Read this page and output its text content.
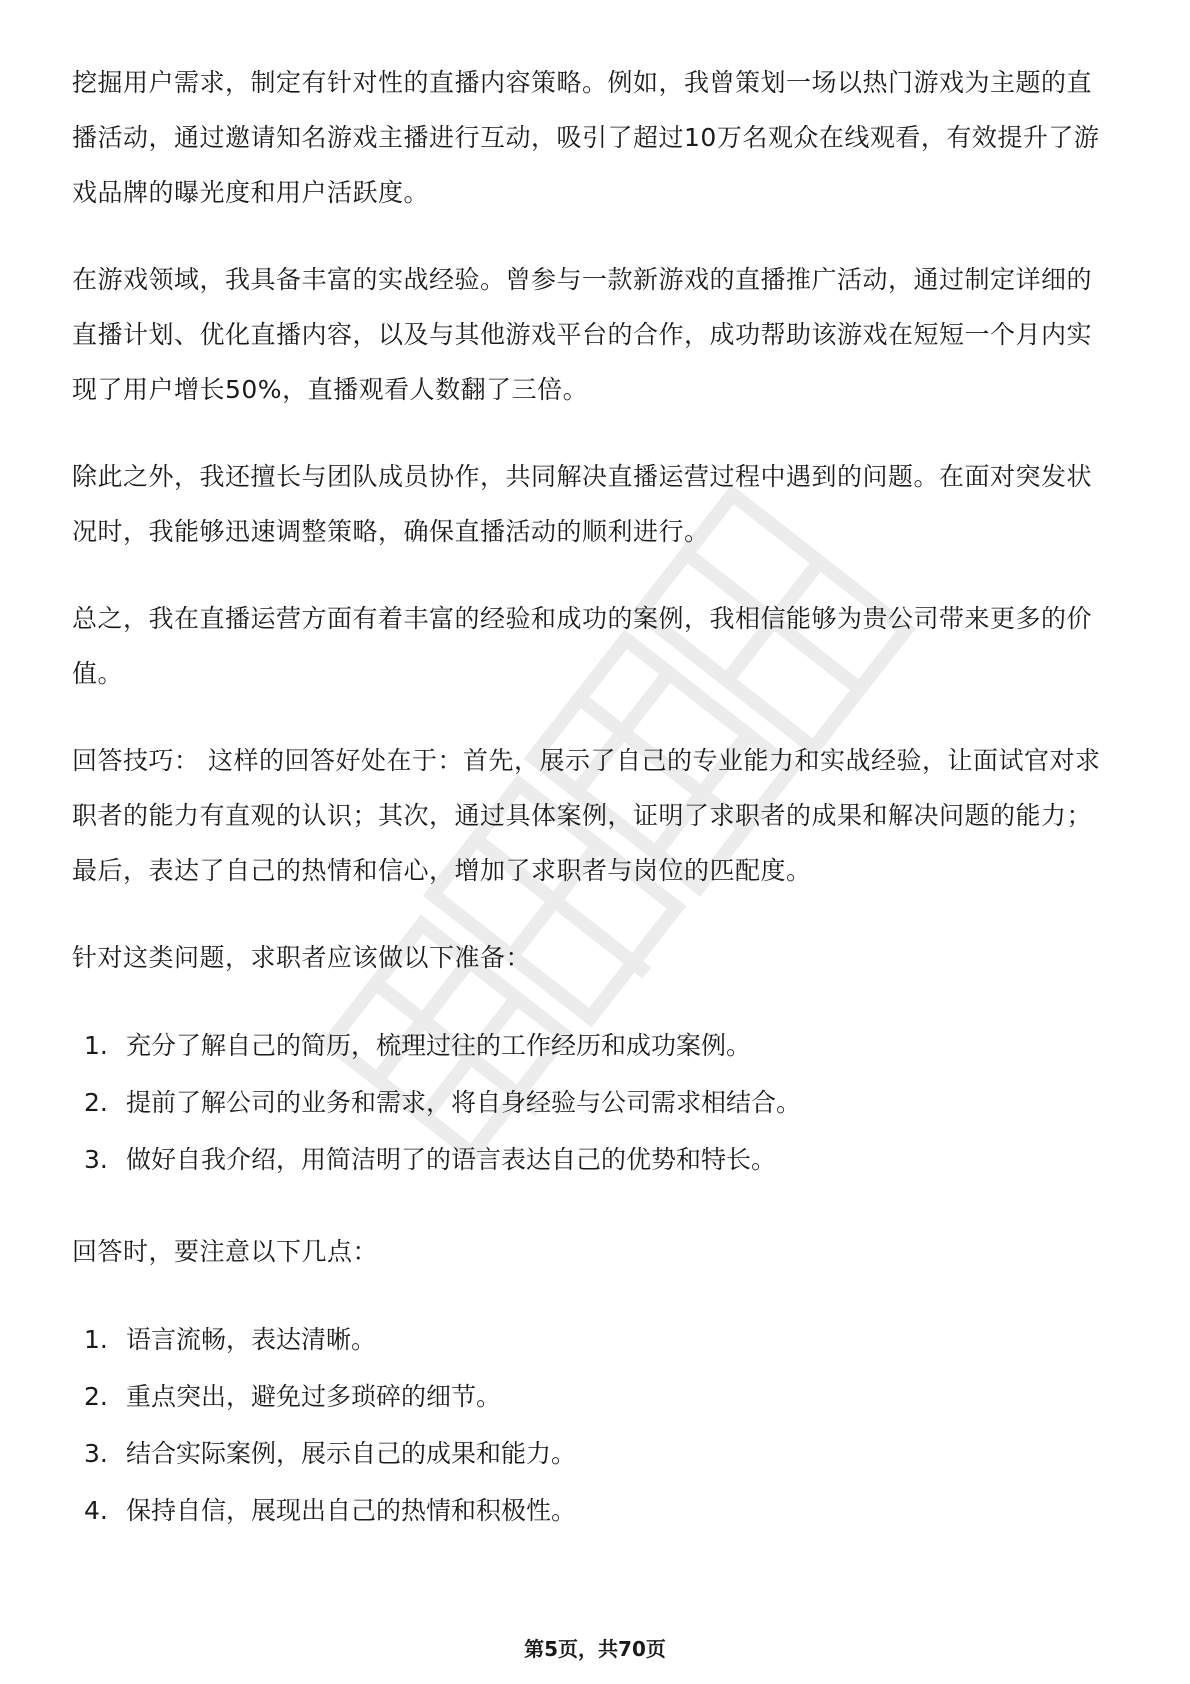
挖掘用户需求，制定有针对性的直播内容策略。例如，我曾策划一场以热门游戏为主题的直播活动，通过邀请知名游戏主播进行互动，吸引了超过10万名观众在线观看，有效提升了游戏品牌的曝光度和用户活跃度。

在游戏领域，我具备丰富的实战经验。曾参与一款新游戏的直播推广活动，通过制定详细的直播计划、优化直播内容，以及与其他游戏平台的合作，成功帮助该游戏在短短一个月内实现了用户增长50%，直播观看人数翻了三倍。

除此之外，我还擅长与团队成员协作，共同解决直播运营过程中遇到的问题。在面对突发状况时，我能够迅速调整策略，确保直播活动的顺利进行。

总之，我在直播运营方面有着丰富的经验和成功的案例，我相信能够为贵公司带来更多的价值。

回答技巧： 这样的回答好处在于：首先，展示了自己的专业能力和实战经验，让面试官对求职者的能力有直观的认识；其次，通过具体案例，证明了求职者的成果和解决问题的能力；最后，表达了自己的热情和信心，增加了求职者与岗位的匹配度。

针对这类问题，求职者应该做以下准备：

1. 充分了解自己的简历，梳理过往的工作经历和成功案例。
2. 提前了解公司的业务和需求，将自身经验与公司需求相结合。
3. 做好自我介绍，用简洁明了的语言表达自己的优势和特长。

回答时，要注意以下几点：

1. 语言流畅，表达清晰。
2. 重点突出，避免过多琐碎的细节。
3. 结合实际案例，展示自己的成果和能力。
4. 保持自信，展现出自己的热情和积极性。
第5页，共70页
